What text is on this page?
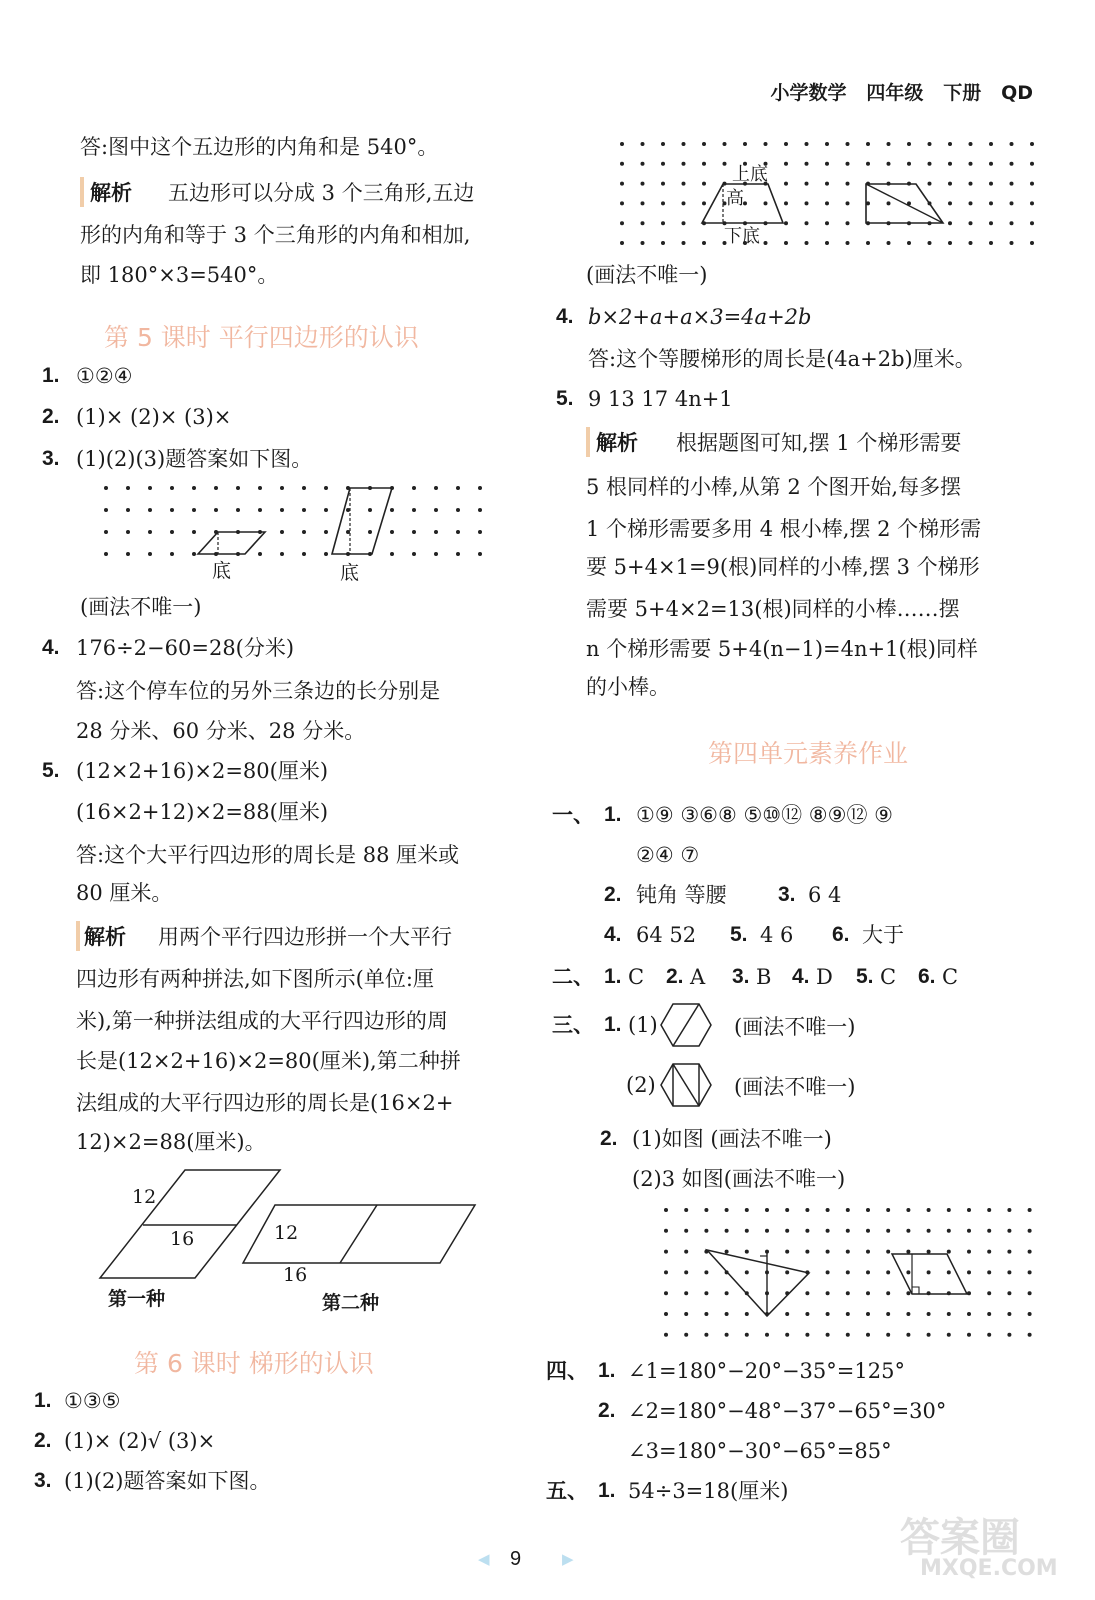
小学数学 四年级 下册 QD
答:图中这个五边形的内角和是 540°。
解析 五边形可以分成 3 个三角形,五边
形的内角和等于 3 个三角形的内角和相加,
即 180°×3=540°。
第 5 课时 平行四边形的认识
1. ①②④
2. (1)× (2)× (3)×
3. (1)(2)(3)题答案如下图。
底	底
(画法不唯一)
4. 176÷2−60=28(分米)
答:这个停车位的另外三条边的长分别是
28 分米、60 分米、28 分米。
5. (12×2+16)×2=80(厘米)
(16×2+12)×2=88(厘米)
答:这个大平行四边形的周长是 88 厘米或
80 厘米。
解析 用两个平行四边形拼一个大平行
四边形有两种拼法,如下图所示(单位:厘
米),第一种拼法组成的大平行四边形的周
长是(12×2+16)×2=80(厘米),第二种拼
法组成的大平行四边形的周长是(16×2+
12)×2=88(厘米)。
12
16	12
16
第一种	第二种
第 6 课时 梯形的认识
1. ①③⑤
2. (1)× (2)√ (3)×
3. (1)(2)题答案如下图。
上底
高
下底
(画法不唯一)
4. b×2+a+a×3=4a+2b
答:这个等腰梯形的周长是(4a+2b)厘米。
5. 9 13 17 4n+1
解析 根据题图可知,摆 1 个梯形需要
5 根同样的小棒,从第 2 个图开始,每多摆
1 个梯形需要多用 4 根小棒,摆 2 个梯形需
要 5+4×1=9(根)同样的小棒,摆 3 个梯形
需要 5+4×2=13(根)同样的小棒……摆
n 个梯形需要 5+4(n−1)=4n+1(根)同样
的小棒。
第四单元素养作业
一、 1. ①⑨ ③⑥⑧ ⑤⑩⑫ ⑧⑨⑫ ⑨
②④ ⑦
2. 钝角 等腰 3. 6 4
4. 64 52 5. 4 6 6. 大于
二、 1. C 2. A 3. B 4. D 5. C 6. C
三、 1. (1)	(画法不唯一)
(2)	(画法不唯一)
2. (1)如图 (画法不唯一)
(2)3 如图(画法不唯一)
四、 1. ∠1=180°−20°−35°=125°
2. ∠2=180°−48°−37°−65°=30°
∠3=180°−30°−65°=85°
五、 1. 54÷3=18(厘米)
◀ 9	▶	答案圈
MXQE.COM
